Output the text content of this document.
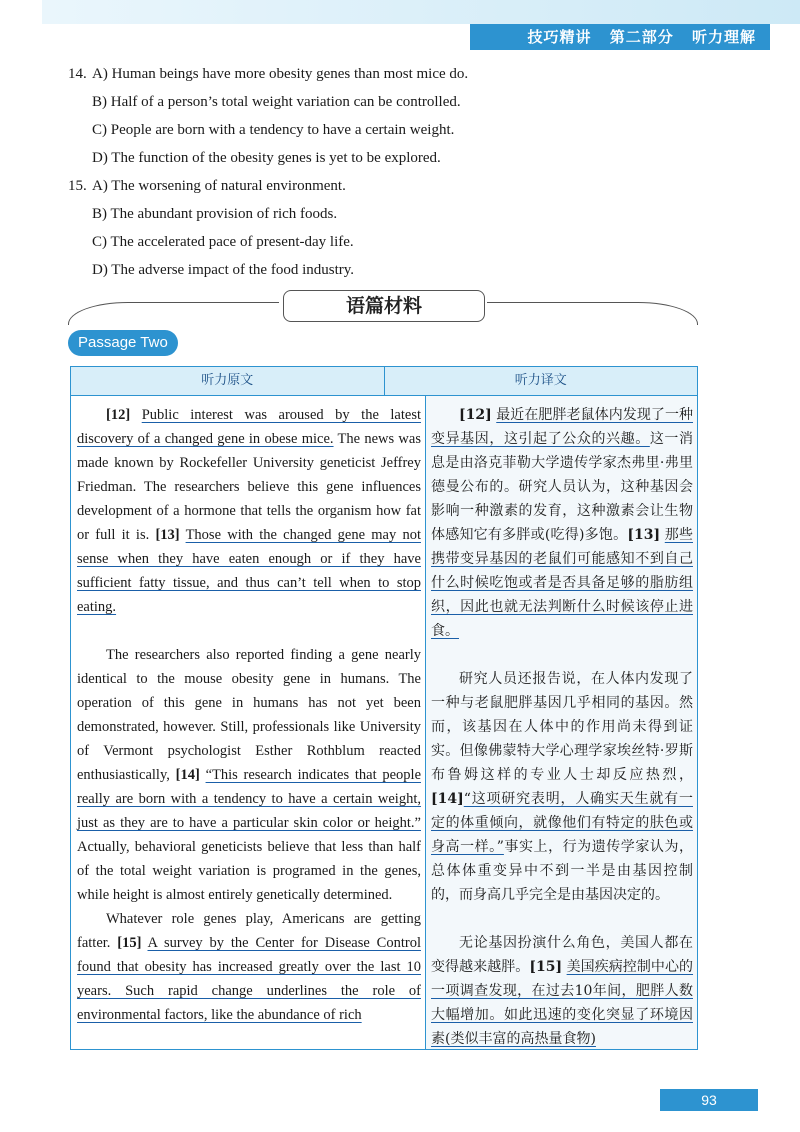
技巧精讲 第二部分 听力理解
14. A) Human beings have more obesity genes than most mice do.
B) Half of a person’s total weight variation can be controlled.
C) People are born with a tendency to have a certain weight.
D) The function of the obesity genes is yet to be explored.
15. A) The worsening of natural environment.
B) The abundant provision of rich foods.
C) The accelerated pace of present-day life.
D) The adverse impact of the food industry.
语篇材料
Passage Two
听力原文	听力译文

[12] Public interest was aroused by the latest discovery of a changed gene in obese mice. The news was made known by Rockefeller University geneticist Jeffrey Friedman. The researchers believe this gene influences development of a hormone that tells the organism how fat or full it is. [13] Those with the changed gene may not sense when they have eaten enough or if they have sufficient fatty tissue, and thus can’t tell when to stop eating.

The researchers also reported finding a gene nearly identical to the mouse obesity gene in humans. The operation of this gene in humans has not yet been demonstrated, however. Still, professionals like University of Vermont psychologist Esther Rothblum reacted enthusiastically, [14] “This research indicates that people really are born with a tendency to have a certain weight, just as they are to have a particular skin color or height.” Actually, behavioral geneticists believe that less than half of the total weight variation is programed in the genes, while height is almost entirely genetically determined.

Whatever role genes play, Americans are getting fatter. [15] A survey by the Center for Disease Control found that obesity has increased greatly over the last 10 years. Such rapid change underlines the role of environmental factors, like the abundance of rich

[12] 最近在肥胖老鼠体内发现了一种变异基因，这引起了公众的兴趣。这一消息是由洛克菲勒大学遗传学家杰弗里·弗里德曼公布的。研究人员认为，这种基因会影响一种激素的发育，这种激素会让生物体感知它有多胖或(吃得)多饱。[13] 那些携带变异基因的老鼠们可能感知不到自己什么时候吃饱或者是否具备足够的脂肪组织，因此也就无法判断什么时候该停止进食。

研究人员还报告说，在人体内发现了一种与老鼠肥胖基因几乎相同的基因。然而，该基因在人体中的作用尚未得到证实。但像佛蒙特大学心理学家埃丝特·罗斯布鲁姆这样的专业人士却反应热烈，[14]“这项研究表明，人确实天生就有一定的体重倾向，就像他们有特定的肤色或身高一样。”事实上，行为遗传学家认为，总体体重变异中不到一半是由基因控制的，而身高几乎完全是由基因决定的。

无论基因扮演什么角色，美国人都在变得越来越胖。[15] 美国疾病控制中心的一项调查发现，在过去10年间，肥胖人数大幅增加。如此迅速的变化突显了环境因素(类似丰富的高热量食物)

93
